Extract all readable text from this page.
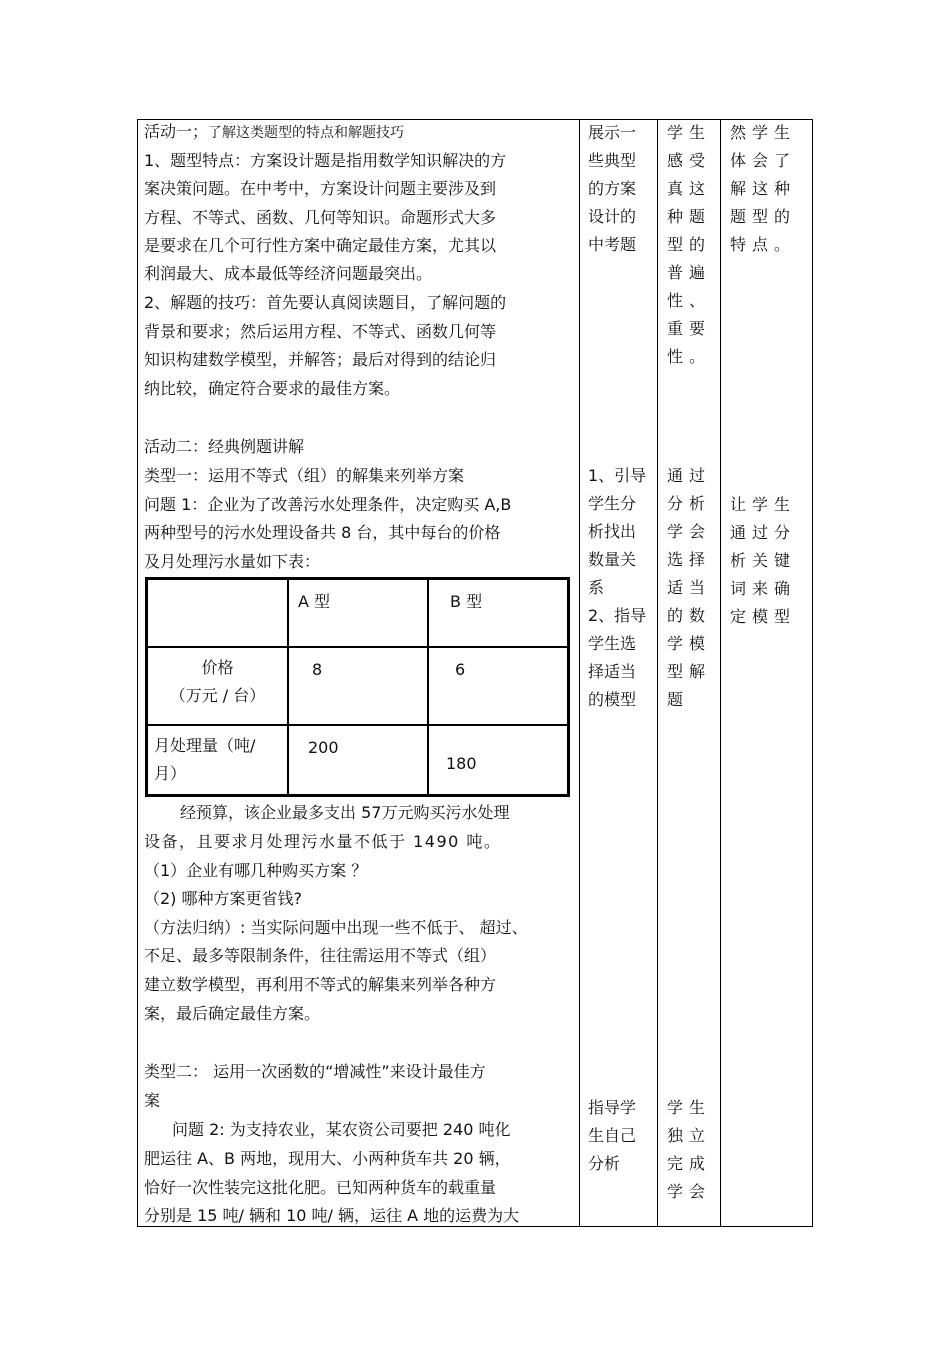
活动一；了解这类题型的特点和解题技巧
1、题型特点：方案设计题是指用数学知识解决的方
案决策问题。在中考中，方案设计问题主要涉及到
方程、不等式、函数、几何等知识。命题形式大多
是要求在几个可行性方案中确定最佳方案，尤其以
利润最大、成本最低等经济问题最突出。
2、解题的技巧：首先要认真阅读题目，了解问题的
背景和要求；然后运用方程、不等式、函数几何等
知识构建数学模型，并解答；最后对得到的结论归
纳比较，确定符合要求的最佳方案。
活动二：经典例题讲解
类型一：运用不等式（组）的解集来列举方案
问题 1：企业为了改善污水处理条件，决定购买 A,B
两种型号的污水处理设备共 8 台，其中每台的价格
及月处理污水量如下表：
A 型	B 型
价格
（万元 / 台）
8	6
月处理量（吨/
月）
200
180
经预算，该企业最多支出 57万元购买污水处理
设备，且要求月处理污水量不低于 1490 吨。
（1）企业有哪几种购买方案 ？
（2) 哪种方案更省钱?
（方法归纳）: 当实际问题中出现一些不低于、 超过、
不足、最多等限制条件，往往需运用不等式（组）
建立数学模型，再利用不等式的解集来列举各种方
案，最后确定最佳方案。
类型二： 运用一次函数的“增减性”来设计最佳方
案
问题 2: 为支持农业，某农资公司要把 240 吨化
肥运往 A、B 两地，现用大、小两种货车共 20 辆，
恰好一次性装完这批化肥。已知两种货车的载重量
分别是 15 吨/ 辆和 10 吨/ 辆，运往 A 地的运费为大
展示一
些典型
的方案
设计的
中考题
1、引导
学生分
析找出
数量关
系
2、指导
学生选
择适当
的模型
指导学
生自己
分析
学生
感受
真这
种题
型的
普遍
性、
重要
性。
通过
分析
学会
选择
适当
的数
学模
型解
题
学生
独立
完成
学会
然学生
体会了
解这种
题型的
特点。
让学生
通过分
析关键
词来确
定模型
